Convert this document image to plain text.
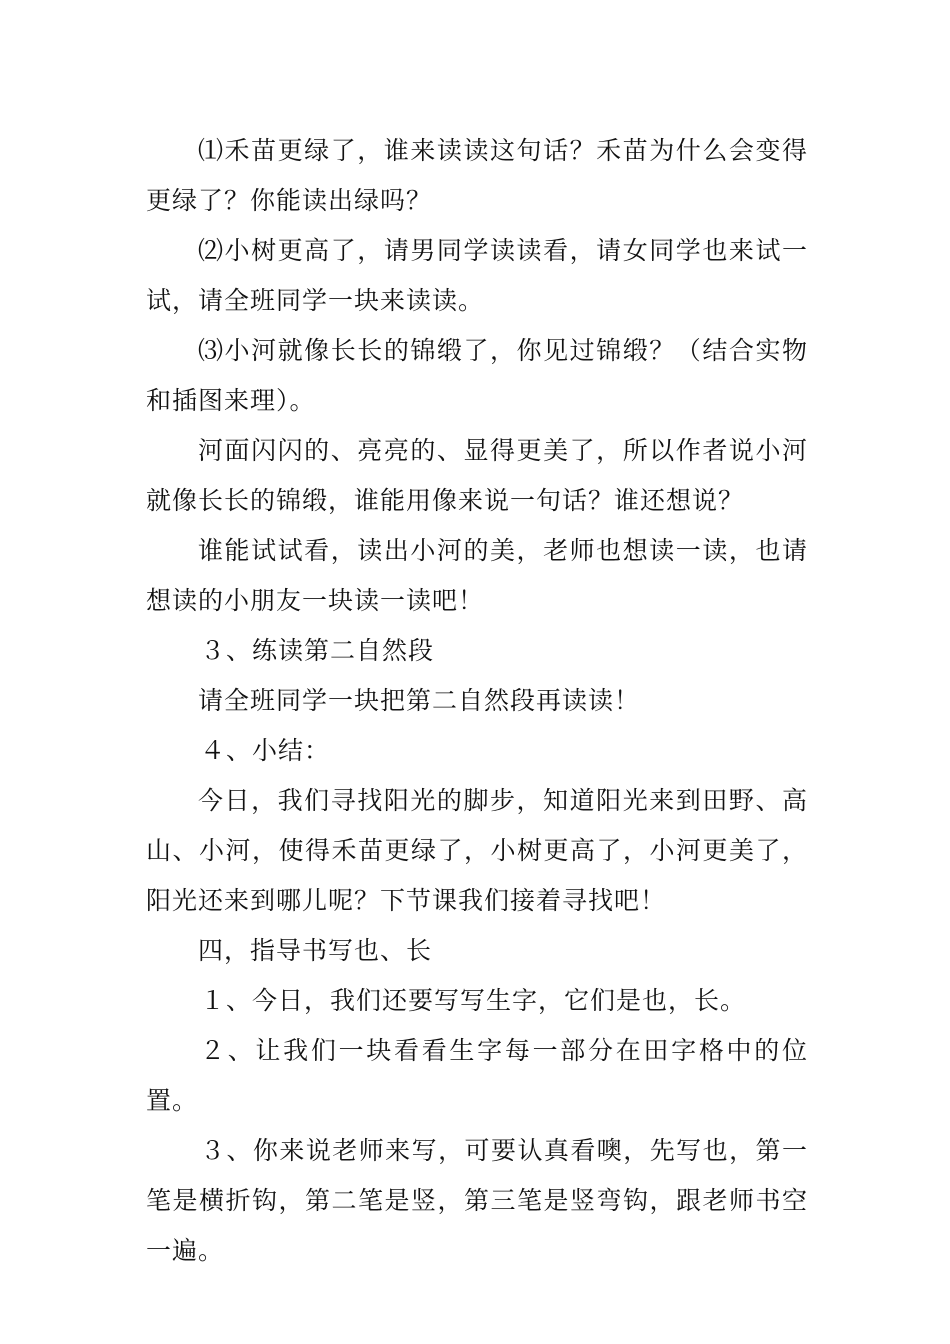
⑴禾苗更绿了，谁来读读这句话？禾苗为什么会变得更绿了？你能读出绿吗？

⑵小树更高了，请男同学读读看，请女同学也来试一试，请全班同学一块来读读。

⑶小河就像长长的锦缎了，你见过锦缎？（结合实物和插图来理）。

河面闪闪的、亮亮的、显得更美了，所以作者说小河就像长长的锦缎，谁能用像来说一句话？谁还想说？

谁能试试看，读出小河的美，老师也想读一读，也请想读的小朋友一块读一读吧！

３、练读第二自然段

请全班同学一块把第二自然段再读读！

４、小结：

今日，我们寻找阳光的脚步，知道阳光来到田野、高山、小河，使得禾苗更绿了，小树更高了，小河更美了，阳光还来到哪儿呢？下节课我们接着寻找吧！

四，指导书写也、长

１、今日，我们还要写写生字，它们是也，长。

２、让我们一块看看生字每一部分在田字格中的位置。

３、你来说老师来写，可要认真看噢，先写也，第一笔是横折钩，第二笔是竖，第三笔是竖弯钩，跟老师书空一遍。
